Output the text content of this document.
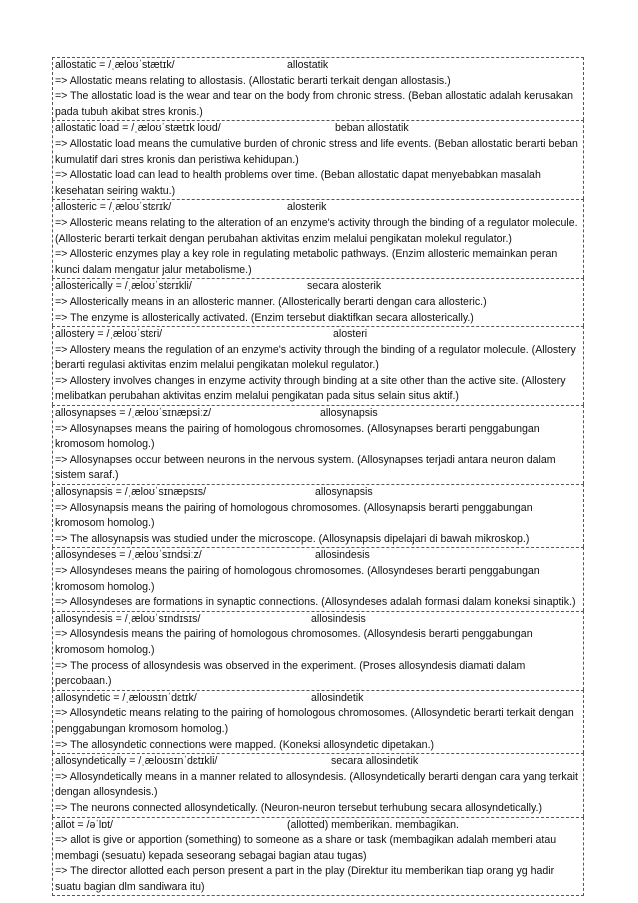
allostatic = /ˌæloʊˈstætɪk/	allostatik
=> Allostatic means relating to allostasis. (Allostatic berarti terkait dengan allostasis.)
=> The allostatic load is the wear and tear on the body from chronic stress. (Beban allostatic adalah kerusakan pada tubuh akibat stres kronis.)
allostatic load = /ˌæloʊˈstætɪk loʊd/	beban allostatik
=> Allostatic load means the cumulative burden of chronic stress and life events. (Beban allostatic berarti beban kumulatif dari stres kronis dan peristiwa kehidupan.)
=> Allostatic load can lead to health problems over time. (Beban allostatic dapat menyebabkan masalah kesehatan seiring waktu.)
allosteric = /ˌæloʊˈstɛrɪk/	alosterik
=> Allosteric means relating to the alteration of an enzyme's activity through the binding of a regulator molecule. (Allosteric berarti terkait dengan perubahan aktivitas enzim melalui pengikatan molekul regulator.)
=> Allosteric enzymes play a key role in regulating metabolic pathways. (Enzim allosteric memainkan peran kunci dalam mengatur jalur metabolisme.)
allosterically = /ˌæloʊˈstɛrɪkli/	secara alosterik
=> Allosterically means in an allosteric manner. (Allosterically berarti dengan cara allosteric.)
=> The enzyme is allosterically activated. (Enzim tersebut diaktifkan secara allosterically.)
allostery = /ˌæloʊˈstɛri/	alosteri
=> Allostery means the regulation of an enzyme's activity through the binding of a regulator molecule. (Allostery berarti regulasi aktivitas enzim melalui pengikatan molekul regulator.)
=> Allostery involves changes in enzyme activity through binding at a site other than the active site. (Allostery melibatkan perubahan aktivitas enzim melalui pengikatan pada situs selain situs aktif.)
allosynapses = /ˌæloʊˈsɪnæpsiːz/	allosynapsis
=> Allosynapses means the pairing of homologous chromosomes. (Allosynapses berarti penggabungan kromosom homolog.)
=> Allosynapses occur between neurons in the nervous system. (Allosynapses terjadi antara neuron dalam sistem saraf.)
allosynapsis = /ˌæloʊˈsɪnæpsɪs/	allosynapsis
=> Allosynapsis means the pairing of homologous chromosomes. (Allosynapsis berarti penggabungan kromosom homolog.)
=> The allosynapsis was studied under the microscope. (Allosynapsis dipelajari di bawah mikroskop.)
allosyndeses = /ˌæloʊˈsɪndsiːz/	allosindesis
=> Allosyndeses means the pairing of homologous chromosomes. (Allosyndeses berarti penggabungan kromosom homolog.)
=> Allosyndeses are formations in synaptic connections. (Allosyndeses adalah formasi dalam koneksi sinaptik.)
allosyndesis = /ˌæloʊˈsɪndɪsɪs/	allosindesis
=> Allosyndesis means the pairing of homologous chromosomes. (Allosyndesis berarti penggabungan kromosom homolog.)
=> The process of allosyndesis was observed in the experiment. (Proses allosyndesis diamati dalam percobaan.)
allosyndetic = /ˌæloʊsɪnˈdɛtɪk/	allosindetik
=> Allosyndetic means relating to the pairing of homologous chromosomes. (Allosyndetic berarti terkait dengan penggabungan kromosom homolog.)
=> The allosyndetic connections were mapped. (Koneksi allosyndetic dipetakan.)
allosyndetically = /ˌæloʊsɪnˈdɛtɪkli/	secara allosindetik
=> Allosyndetically means in a manner related to allosyndesis. (Allosyndetically berarti dengan cara yang terkait dengan allosyndesis.)
=> The neurons connected allosyndetically. (Neuron-neuron tersebut terhubung secara allosyndetically.)
allot = /əˈlɒt/	(allotted) memberikan. membagikan.
=> allot is give or apportion (something) to someone as a share or task (membagikan adalah memberi atau membagi (sesuatu) kepada seseorang sebagai bagian atau tugas)
=> The director allotted each person present a part in the play (Direktur itu memberikan tiap orang yg hadir suatu bagian dlm sandiwara itu)
